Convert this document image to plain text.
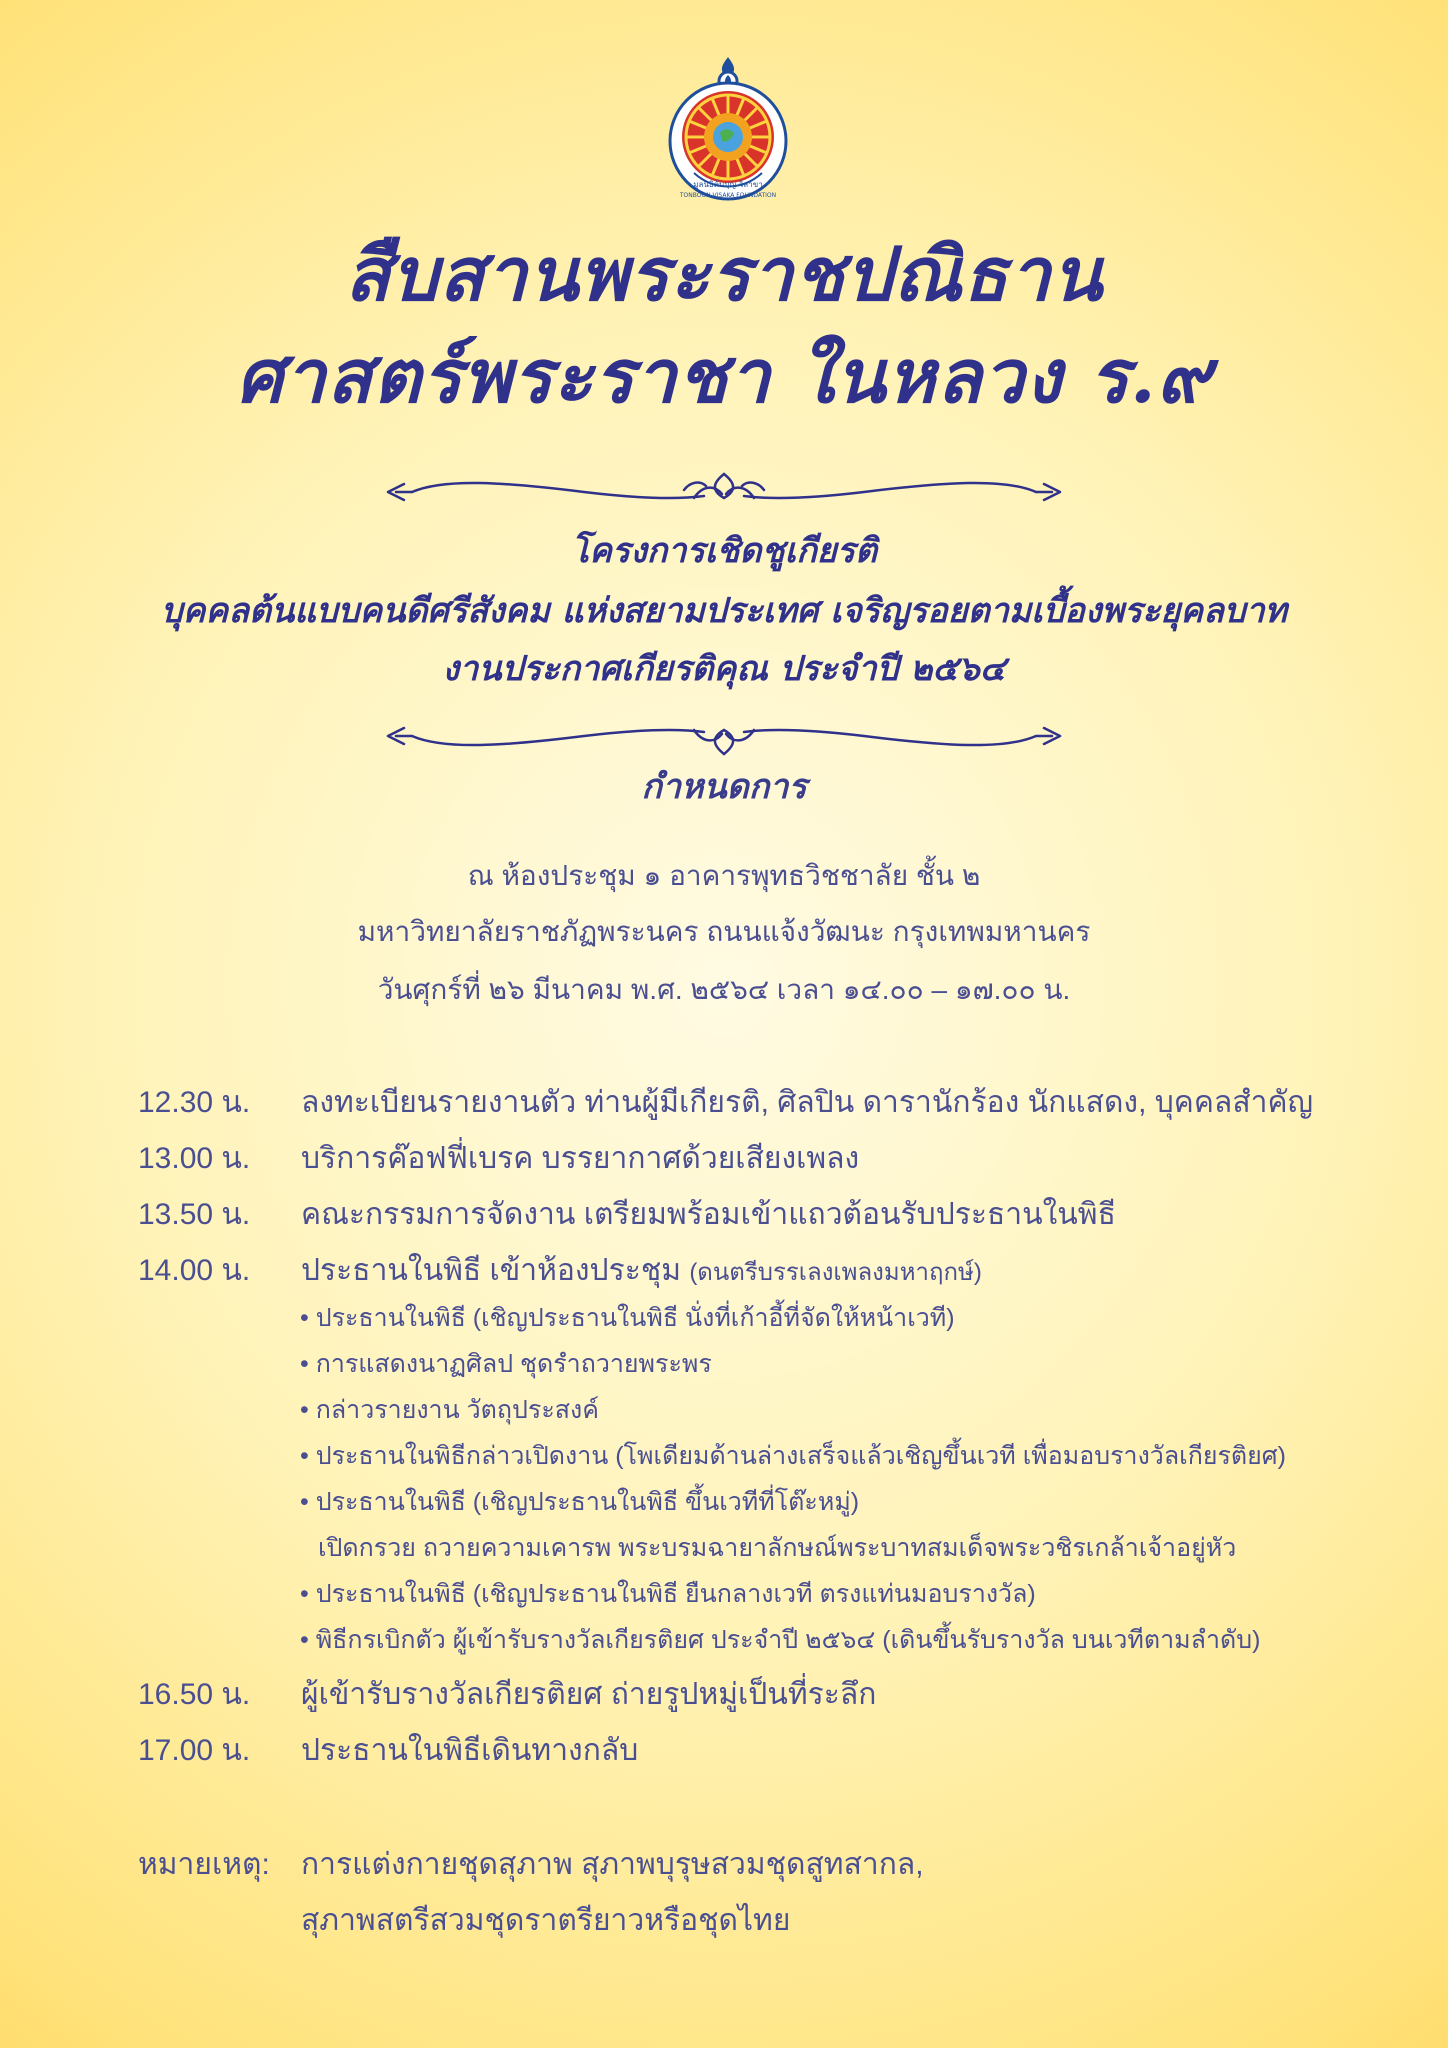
มูลนิธิต้นบุญ วิสาขา
TONBOON VISAKA FOUNDATION
สืบสานพระราชปณิธาน
ศาสตร์พระราชา ในหลวง ร.๙
โครงการเชิดชูเกียรติ
บุคคลต้นแบบคนดีศรีสังคม แห่งสยามประเทศ เจริญรอยตามเบื้องพระยุคลบาท
งานประกาศเกียรติคุณ ประจำปี ๒๕๖๔
กำหนดการ
ณ ห้องประชุม ๑ อาคารพุทธวิชชาลัย ชั้น ๒
มหาวิทยาลัยราชภัฏพระนคร ถนนแจ้งวัฒนะ กรุงเทพมหานคร
วันศุกร์ที่ ๒๖ มีนาคม พ.ศ. ๒๕๖๔ เวลา ๑๔.๐๐ – ๑๗.๐๐ น.
12.30 น. ลงทะเบียนรายงานตัว ท่านผู้มีเกียรติ, ศิลปิน ดารานักร้อง นักแสดง, บุคคลสำคัญ
13.00 น. บริการค๊อฟฟี่เบรค บรรยากาศด้วยเสียงเพลง
13.50 น. คณะกรรมการจัดงาน เตรียมพร้อมเข้าแถวต้อนรับประธานในพิธี
14.00 น. ประธานในพิธี เข้าห้องประชุม (ดนตรีบรรเลงเพลงมหาฤกษ์)
• ประธานในพิธี (เชิญประธานในพิธี นั่งที่เก้าอี้ที่จัดให้หน้าเวที)
• การแสดงนาฏศิลป ชุดรำถวายพระพร
• กล่าวรายงาน วัตถุประสงค์
• ประธานในพิธีกล่าวเปิดงาน (โพเดียมด้านล่างเสร็จแล้วเชิญขึ้นเวที เพื่อมอบรางวัลเกียรติยศ)
• ประธานในพิธี (เชิญประธานในพิธี ขึ้นเวทีที่โต๊ะหมู่)
เปิดกรวย ถวายความเคารพ พระบรมฉายาลักษณ์พระบาทสมเด็จพระวชิรเกล้าเจ้าอยู่หัว
• ประธานในพิธี (เชิญประธานในพิธี ยืนกลางเวที ตรงแท่นมอบรางวัล)
• พิธีกรเบิกตัว ผู้เข้ารับรางวัลเกียรติยศ ประจำปี ๒๕๖๔ (เดินขึ้นรับรางวัล บนเวทีตามลำดับ)
16.50 น. ผู้เข้ารับรางวัลเกียรติยศ ถ่ายรูปหมู่เป็นที่ระลึก
17.00 น. ประธานในพิธีเดินทางกลับ
หมายเหตุ: การแต่งกายชุดสุภาพ สุภาพบุรุษสวมชุดสูทสากล,
สุภาพสตรีสวมชุดราตรียาวหรือชุดไทย
